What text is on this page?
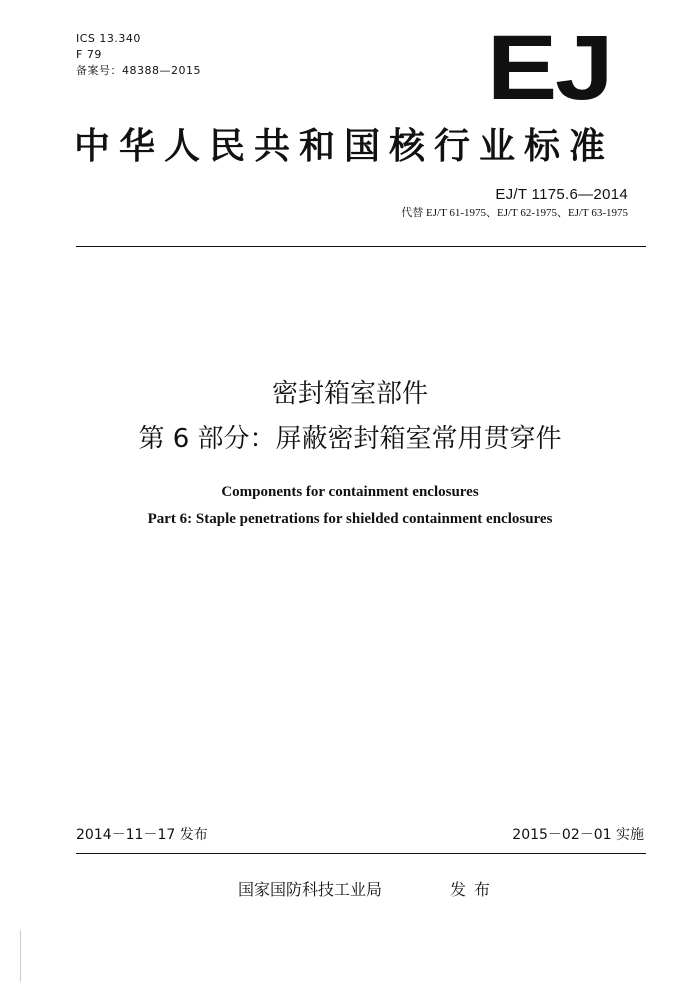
ICS 13.340
F 79
备案号：48388—2015	EJ
中华人民共和国核行业标准
EJ/T 1175.6—2014
代替 EJ/T 61-1975、EJ/T 62-1975、EJ/T 63-1975
密封箱室部件
第 6 部分：屏蔽密封箱室常用贯穿件
Components for containment enclosures
Part 6: Staple penetrations for shielded containment enclosures
2014－11－17 发布	2015－02－01 实施
国家国防科技工业局	发布
